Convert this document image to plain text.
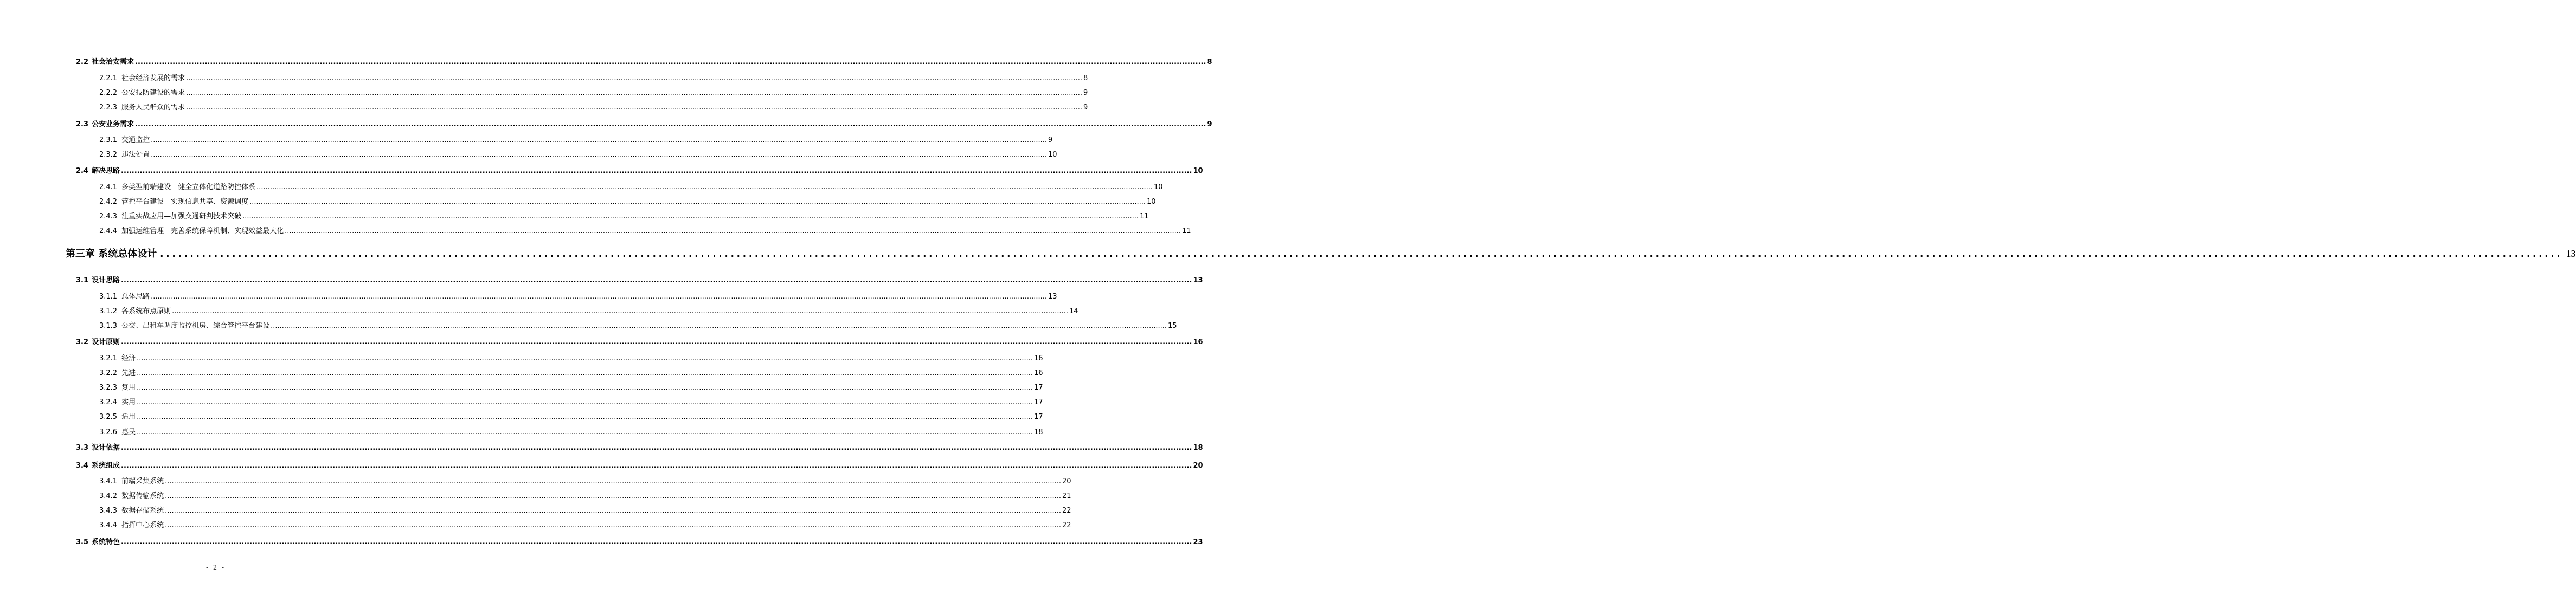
2.2 社会治安需求 ................................................................................................................................................................................................................................................................................................................................................................................................................ 8
2.2.1 社会经济发展的需求 ................................................................................................................................................................................................................................................................................................................................................................................................................ 8
2.2.2 公安技防建设的需求 ................................................................................................................................................................................................................................................................................................................................................................................................................ 9
2.2.3 服务人民群众的需求 ................................................................................................................................................................................................................................................................................................................................................................................................................ 9
2.3 公安业务需求 ................................................................................................................................................................................................................................................................................................................................................................................................................ 9
2.3.1 交通监控 ................................................................................................................................................................................................................................................................................................................................................................................................................ 9
2.3.2 违法处置 ................................................................................................................................................................................................................................................................................................................................................................................................................ 10
2.4 解决思路 ................................................................................................................................................................................................................................................................................................................................................................................................................ 10
2.4.1 多类型前端建设—健全立体化道路防控体系 ................................................................................................................................................................................................................................................................................................................................................................................................................ 10
2.4.2 管控平台建设—实现信息共享、资源调度 ................................................................................................................................................................................................................................................................................................................................................................................................................ 10
2.4.3 注重实战应用—加强交通研判技术突破 ................................................................................................................................................................................................................................................................................................................................................................................................................ 11
2.4.4 加强运维管理—完善系统保障机制、实现效益最大化 ................................................................................................................................................................................................................................................................................................................................................................................................................ 11
第三章 系统总体设计 ................................................................................................................................................................................................................................................................................................................................................................................................................ 13
3.1 设计思路 ................................................................................................................................................................................................................................................................................................................................................................................................................ 13
3.1.1 总体思路 ................................................................................................................................................................................................................................................................................................................................................................................................................ 13
3.1.2 各系统布点原则 ................................................................................................................................................................................................................................................................................................................................................................................................................ 14
3.1.3 公交、出租车调度监控机房、综合管控平台建设 ................................................................................................................................................................................................................................................................................................................................................................................................................ 15
3.2 设计原则 ................................................................................................................................................................................................................................................................................................................................................................................................................ 16
3.2.1 经济 ................................................................................................................................................................................................................................................................................................................................................................................................................ 16
3.2.2 先进 ................................................................................................................................................................................................................................................................................................................................................................................................................ 16
3.2.3 复用 ................................................................................................................................................................................................................................................................................................................................................................................................................ 17
3.2.4 实用 ................................................................................................................................................................................................................................................................................................................................................................................................................ 17
3.2.5 适用 ................................................................................................................................................................................................................................................................................................................................................................................................................ 17
3.2.6 惠民 ................................................................................................................................................................................................................................................................................................................................................................................................................ 18
3.3 设计依据 ................................................................................................................................................................................................................................................................................................................................................................................................................ 18
3.4 系统组成 ................................................................................................................................................................................................................................................................................................................................................................................................................ 20
3.4.1 前端采集系统 ................................................................................................................................................................................................................................................................................................................................................................................................................ 20
3.4.2 数据传输系统 ................................................................................................................................................................................................................................................................................................................................................................................................................ 21
3.4.3 数据存储系统 ................................................................................................................................................................................................................................................................................................................................................................................................................ 22
3.4.4 指挥中心系统 ................................................................................................................................................................................................................................................................................................................................................................................................................ 22
3.5 系统特色 ................................................................................................................................................................................................................................................................................................................................................................................................................ 23
- 2 -
